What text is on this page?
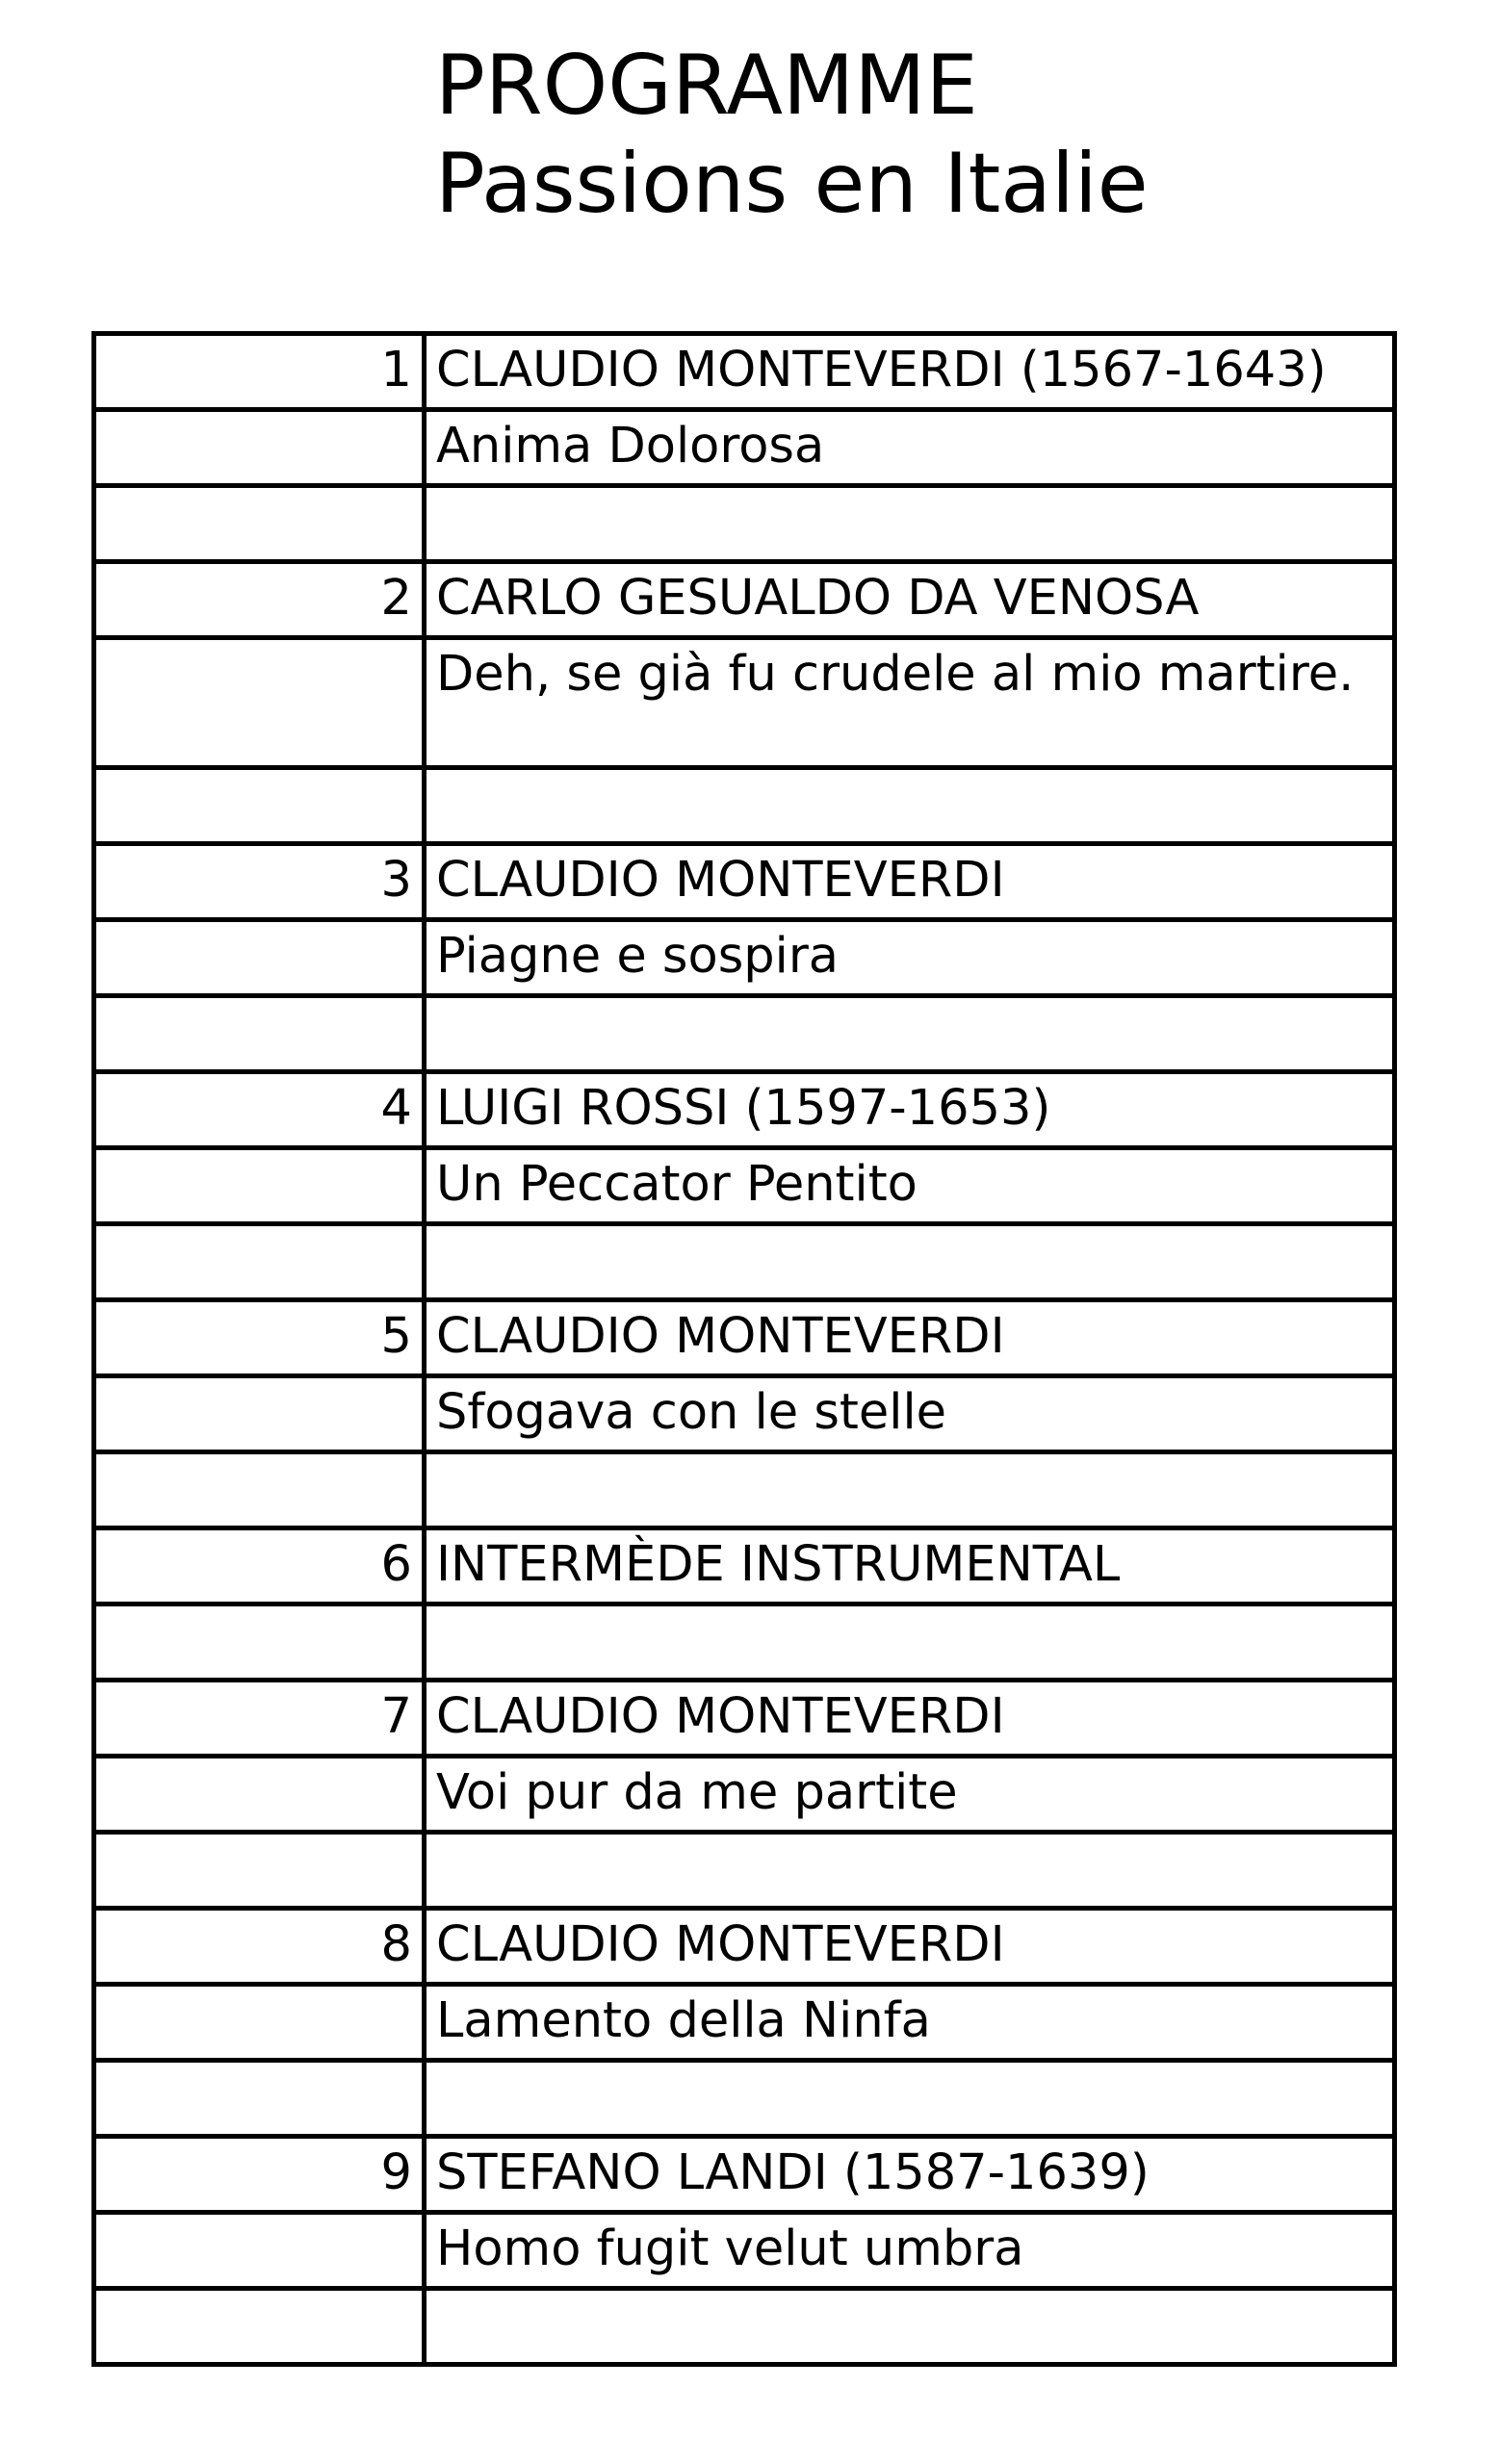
PROGRAMME
Passions en Italie
1	CLAUDIO MONTEVERDI (1567-1643)

	Anima Dolorosa

2	CARLO GESUALDO DA VENOSA

	Deh, se già fu crudele al mio martire.

3	CLAUDIO MONTEVERDI

	Piagne e sospira

4	LUIGI ROSSI (1597-1653)

	Un Peccator Pentito

5	CLAUDIO MONTEVERDI

	Sfogava con le stelle

6	INTERMÈDE INSTRUMENTAL

7	CLAUDIO MONTEVERDI

	Voi pur da me partite

8	CLAUDIO MONTEVERDI

	Lamento della Ninfa

9	STEFANO LANDI (1587-1639)

	Homo fugit velut umbra
